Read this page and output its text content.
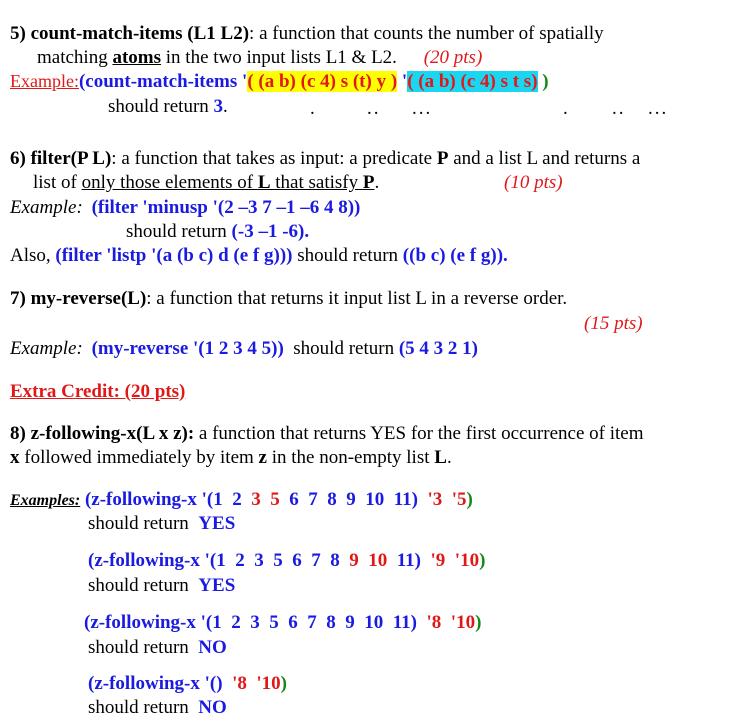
5) count-match-items (L1 L2): a function that counts the number of spatially
matching atoms in the two input lists L1 & L2. (20 pts)
Example:(count-match-items '( (a b) (c 4) s (t) y ) '( (a b) (c 4) s t s) )
should return 3.	.	.. ...	. .. ...
6) filter(P L): a function that takes as input: a predicate P and a list L and returns a
list of only those elements of L that satisfy P.	(10 pts)
Example: (filter 'minusp '(2 –3 7 –1 –6 4 8))
should return (-3 –1 -6).
Also, (filter 'listp '(a (b c) d (e f g))) should return ((b c) (e f g)).
7) my-reverse(L): a function that returns it input list L in a reverse order.
(15 pts)
Example: (my-reverse '(1 2 3 4 5))  should return (5 4 3 2 1)
Extra Credit: (20 pts)
8) z-following-x(L x z): a function that returns YES for the first occurrence of item
x followed immediately by item z in the non-empty list L.
Examples: (z-following-x '(1  2  3  5  6  7  8  9  10  11)  '3  '5)
should return  YES
(z-following-x '(1  2  3  5  6  7  8  9  10  11)  '9  '10)
should return  YES
(z-following-x '(1  2  3  5  6  7  8  9  10  11)  '8  '10)
should return  NO
(z-following-x '()  '8  '10)
should return  NO
